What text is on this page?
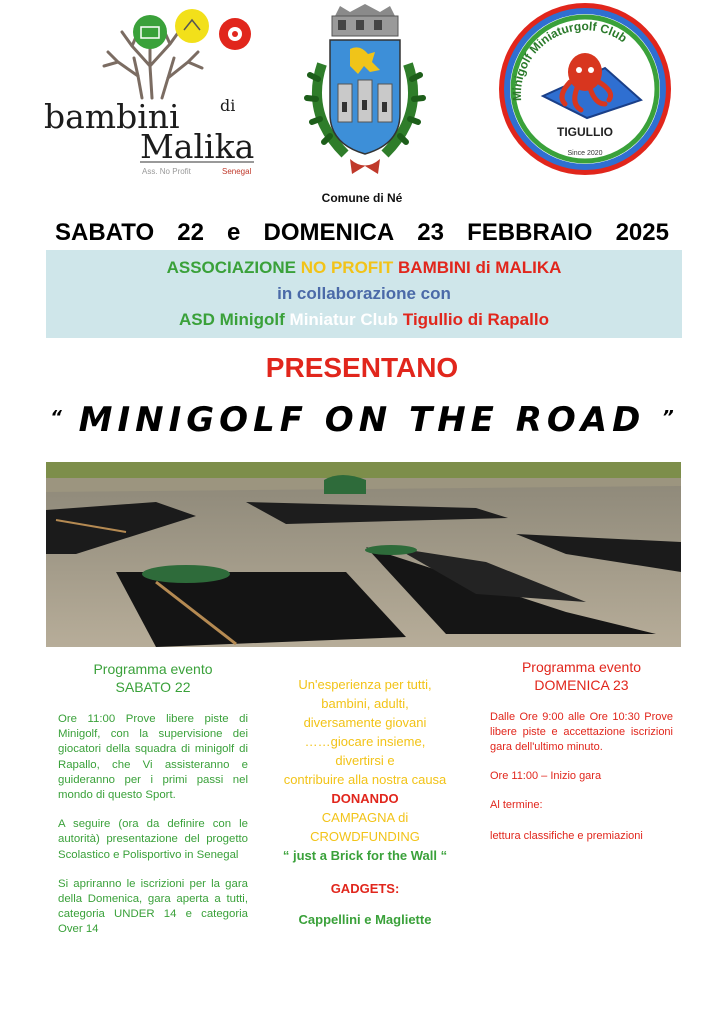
bambini	di
Malika
Ass. No Profit	Senegal
Minigolf Miniaturgolf Club
TIGULLIO
Since 2020
Comune di Né
SABATO 22 e DOMENICA 23 FEBBRAIO 2025
ASSOCIAZIONE NO PROFIT BAMBINI di MALIKA
in collaborazione con
ASD Minigolf Miniatur Club Tigullio di Rapallo
PRESENTANO
“ MINIGOLF ON THE ROAD ”
Programma evento
SABATO 22

Ore 11:00 Prove libere piste di Minigolf, con la supervisione dei giocatori della squadra di minigolf di Rapallo, che Vi assisteranno e guideranno per i primi passi nel mondo di questo Sport.

A seguire (ora da definire con le autorità) presentazione del progetto Scolastico e Polisportivo in Senegal

Si apriranno le iscrizioni per la gara della Domenica, gara aperta a tutti, categoria UNDER 14 e categoria Over 14

Un'esperienza per tutti,
bambini, adulti,
diversamente giovani
……giocare insieme,
divertirsi e
contribuire alla nostra causa
DONANDO
CAMPAGNA di
CROWDFUNDING
“ just a Brick for the Wall “
GADGETS:
Cappellini e Magliette
Programma evento
DOMENICA 23

Dalle Ore 9:00 alle Ore 10:30 Prove libere piste e accettazione iscrizioni gara dell'ultimo minuto.

Ore 11:00 – Inizio gara

Al termine:

lettura classifiche e premiazioni
